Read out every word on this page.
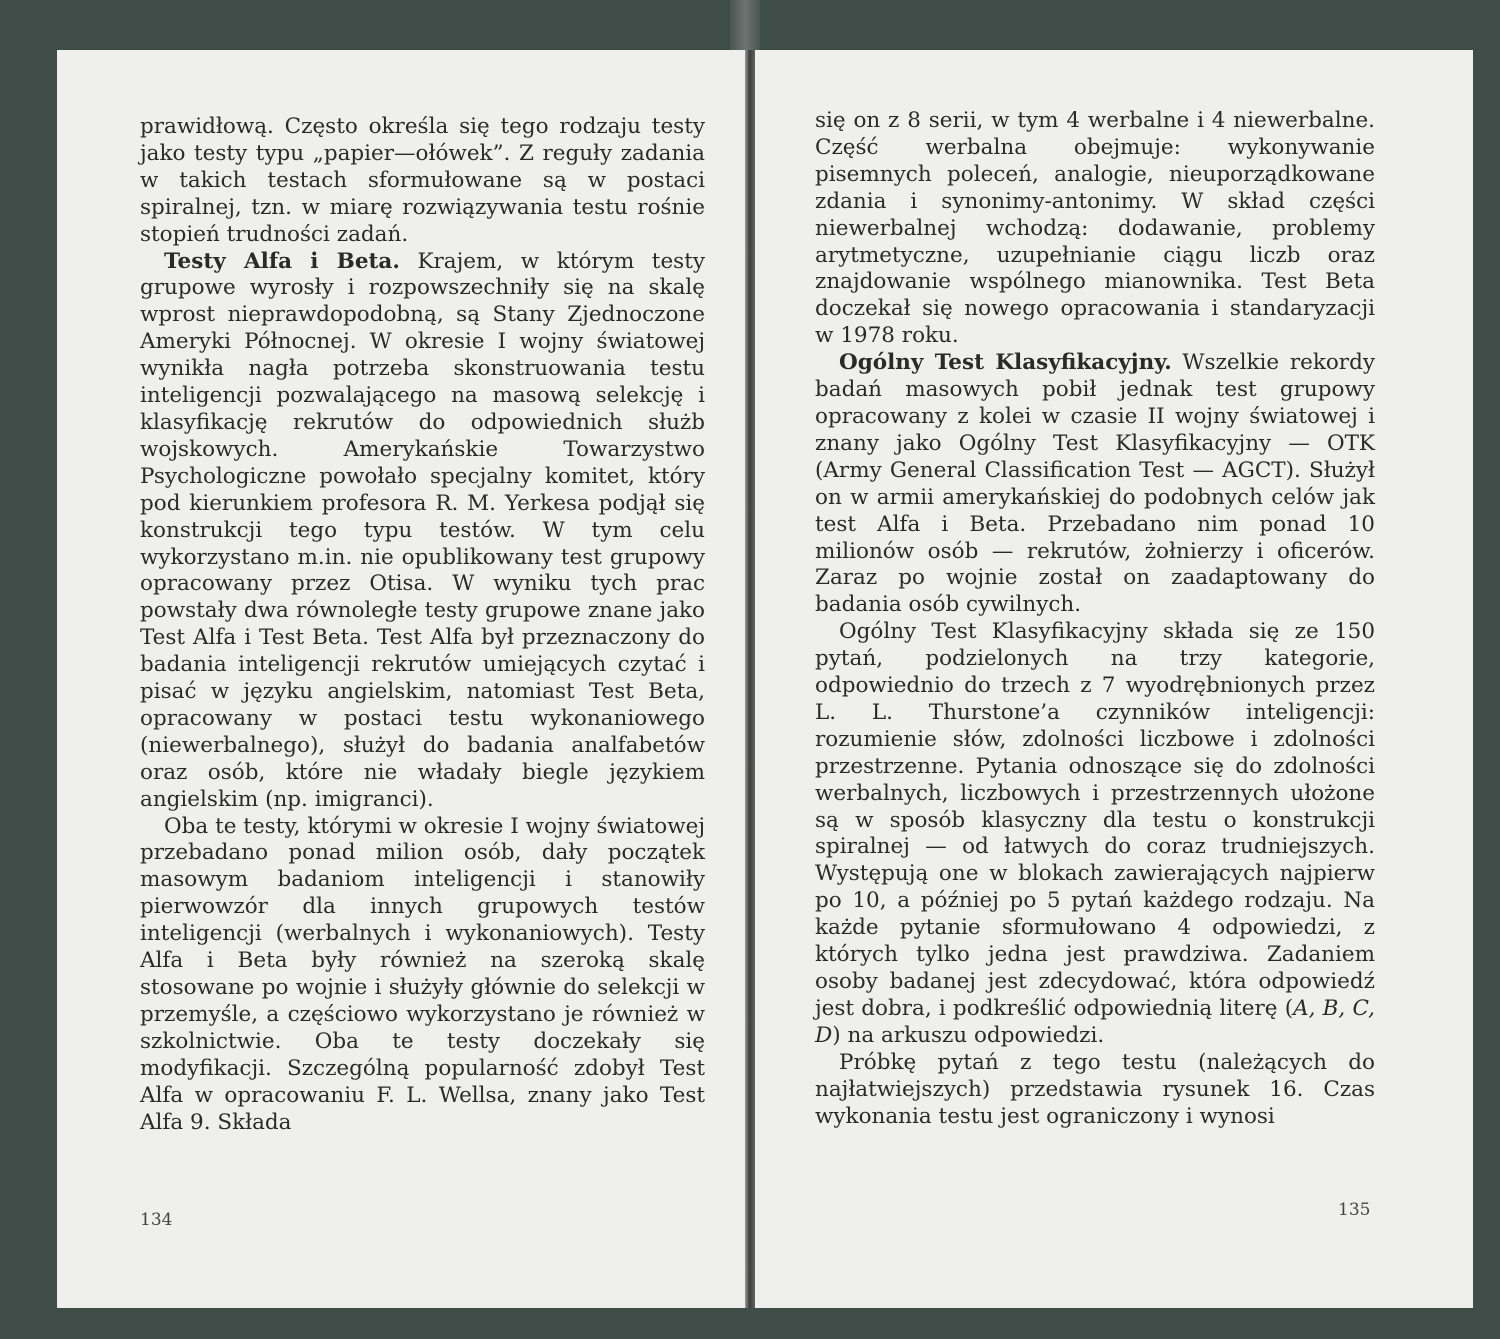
prawidłową. Często określa się tego rodzaju testy jako testy typu „papier—ołówek”. Z reguły zadania w takich testach sformułowane są w postaci spiralnej, tzn. w miarę rozwiązywania testu rośnie stopień trudności zadań.

Testy Alfa i Beta. Krajem, w którym testy grupowe wyrosły i rozpowszechniły się na skalę wprost nieprawdopodobną, są Stany Zjednoczone Ameryki Północnej. W okresie I wojny światowej wynikła nagła potrzeba skonstruowania testu inteligencji pozwalającego na masową selekcję i klasyfikację rekrutów do odpowiednich służb wojskowych. Amerykańskie Towarzystwo Psychologiczne powołało specjalny komitet, który pod kierunkiem profesora R. M. Yerkesa podjął się konstrukcji tego typu testów. W tym celu wykorzystano m.in. nie opublikowany test grupowy opracowany przez Otisa. W wyniku tych prac powstały dwa równoległe testy grupowe znane jako Test Alfa i Test Beta. Test Alfa był przeznaczony do badania inteligencji rekrutów umiejących czytać i pisać w języku angielskim, natomiast Test Beta, opracowany w postaci testu wykonaniowego (niewerbalnego), służył do badania analfabetów oraz osób, które nie władały biegle językiem angielskim (np. imigranci).

Oba te testy, którymi w okresie I wojny światowej przebadano ponad milion osób, dały początek masowym badaniom inteligencji i stanowiły pierwowzór dla innych grupowych testów inteligencji (werbalnych i wykonaniowych). Testy Alfa i Beta były również na szeroką skalę stosowane po wojnie i służyły głównie do selekcji w przemyśle, a częściowo wykorzystano je również w szkolnictwie. Oba te testy doczekały się modyfikacji. Szczególną popularność zdobył Test Alfa w opracowaniu F. L. Wellsa, znany jako Test Alfa 9. Składa

134

się on z 8 serii, w tym 4 werbalne i 4 niewerbalne. Część werbalna obejmuje: wykonywanie pisemnych poleceń, analogie, nieuporządkowane zdania i synonimy-antonimy. W skład części niewerbalnej wchodzą: dodawanie, problemy arytmetyczne, uzupełnianie ciągu liczb oraz znajdowanie wspólnego mianownika. Test Beta doczekał się nowego opracowania i standaryzacji w 1978 roku.

Ogólny Test Klasyfikacyjny. Wszelkie rekordy badań masowych pobił jednak test grupowy opracowany z kolei w czasie II wojny światowej i znany jako Ogólny Test Klasyfikacyjny — OTK (Army General Classification Test — AGCT). Służył on w armii amerykańskiej do podobnych celów jak test Alfa i Beta. Przebadano nim ponad 10 milionów osób — rekrutów, żołnierzy i oficerów. Zaraz po wojnie został on zaadaptowany do badania osób cywilnych.

Ogólny Test Klasyfikacyjny składa się ze 150 pytań, podzielonych na trzy kategorie, odpowiednio do trzech z 7 wyodrębnionych przez L. L. Thurstone’a czynników inteligencji: rozumienie słów, zdolności liczbowe i zdolności przestrzenne. Pytania odnoszące się do zdolności werbalnych, liczbowych i przestrzennych ułożone są w sposób klasyczny dla testu o konstrukcji spiralnej — od łatwych do coraz trudniejszych. Występują one w blokach zawierających najpierw po 10, a później po 5 pytań każdego rodzaju. Na każde pytanie sformułowano 4 odpowiedzi, z których tylko jedna jest prawdziwa. Zadaniem osoby badanej jest zdecydować, która odpowiedź jest dobra, i podkreślić odpowiednią literę (A, B, C, D) na arkuszu odpowiedzi.

Próbkę pytań z tego testu (należących do najłatwiejszych) przedstawia rysunek 16. Czas wykonania testu jest ograniczony i wynosi

135
